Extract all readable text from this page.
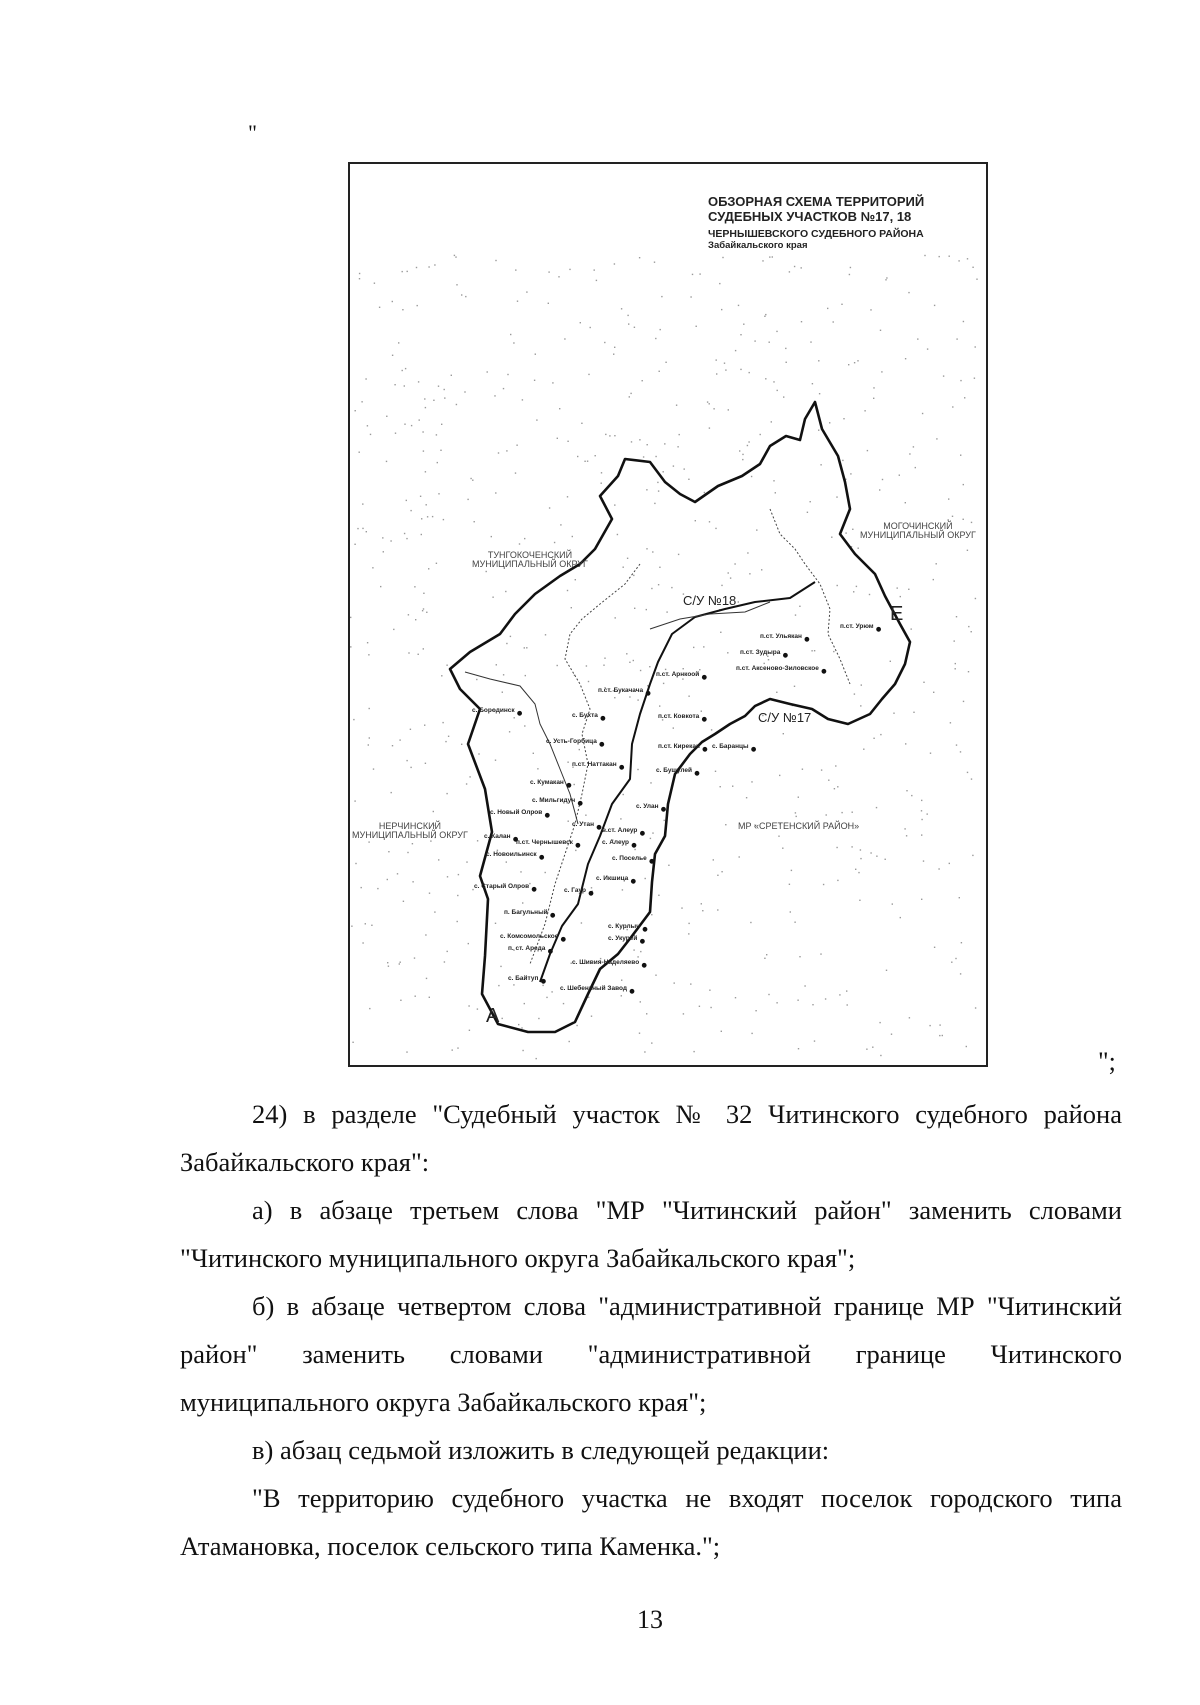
"
ОБЗОРНАЯ СХЕМА ТЕРРИТОРИЙ
СУДЕБНЫХ УЧАСТКОВ №17, 18
ЧЕРНЫШЕВСКОГО СУДЕБНОГО РАЙОНА
Забайкальского края
ТУНГОКОЧЕНСКИЙ
МУНИЦИПАЛЬНЫЙ ОКРУГ
МОГОЧИНСКИЙ
МУНИЦИПАЛЬНЫЙ ОКРУГ
НЕРЧИНСКИЙ
МУНИЦИПАЛЬНЫЙ ОКРУГ
МР «СРЕТЕНСКИЙ РАЙОН»
С/У №18
С/У №17
А
Е
п.ст. Урюм
п.ст. Ульякан
п.ст. Зудыра
п.ст. Аксеново-Зиловское
п.ст. Арнкоой
п.ст. Букачача
с. Бородинск
с. Бухта	п.ст. Ковкота
с. Усть-Горбица
п.ст. Кирекан с. Баранцы
п.ст. Наттакан
с. Бушулей
с. Кумакан
с. Мильгидун
с. Новый Олров
с. Утан
с. Улан
в.ст. Алеур
с. Алеур
с. Калан
п.ст. Чернышевск
с. Новоильинск
с. Поселье
с. Старый Олров
с. Икшица
с. Гаур
п. Багульный
с. Курлыч
с. Комсомольское	с. Укурей
п. ст. Ареда
с. Шивия-Наделяево
с. Байтуп
с. Шебенкный Завод
";

24) в разделе "Судебный участок № 32 Читинского судебного района Забайкальского края":

а) в абзаце третьем слова "МР "Читинский район" заменить словами "Читинского муниципального округа Забайкальского края";

б) в абзаце четвертом слова "административной границе МР "Читинский район" заменить словами "административной границе Читинского муниципального округа Забайкальского края";

в) абзац седьмой изложить в следующей редакции:

"В территорию судебного участка не входят поселок городского типа Атамановка, поселок сельского типа Каменка.";

13
